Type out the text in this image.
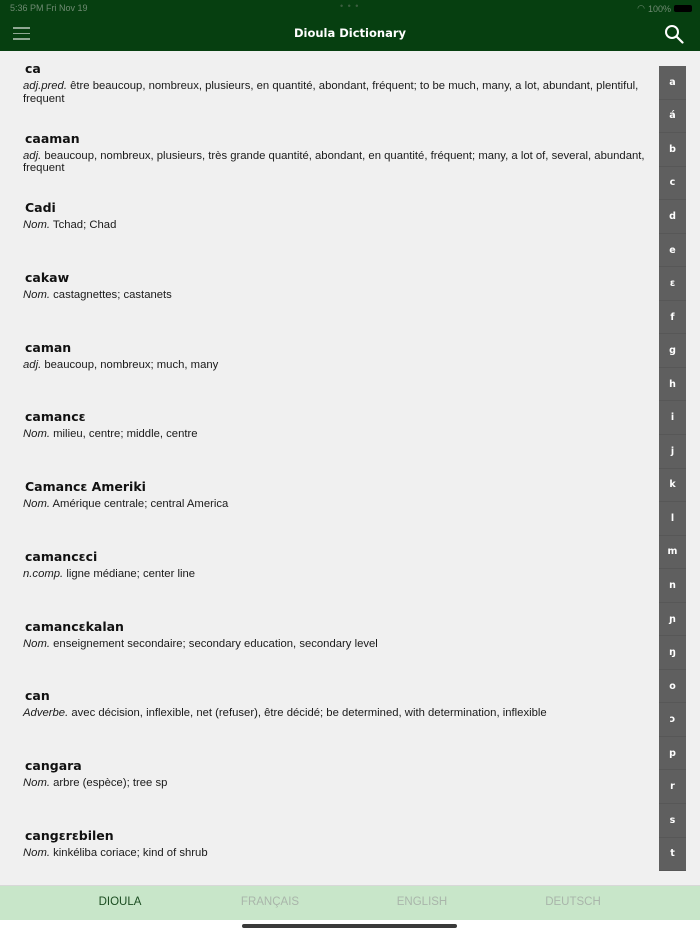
5:36 PM Fri Nov 19	• • •	◠ 100%
Dioula Dictionary
ca
adj.pred. être beaucoup, nombreux, plusieurs, en quantité, abondant, fréquent; to be much, many, a lot, abundant, plentiful, frequent
caaman
adj. beaucoup, nombreux, plusieurs, très grande quantité, abondant, en quantité, fréquent; many, a lot of, several, abundant, frequent
Cadi
Nom. Tchad; Chad
cakaw
Nom. castagnettes; castanets
caman
adj. beaucoup, nombreux; much, many
camancɛ
Nom. milieu, centre; middle, centre
Camancɛ Ameriki
Nom. Amérique centrale; central America
camancɛci
n.comp. ligne médiane; center line
camancɛkalan
Nom. enseignement secondaire; secondary education, secondary level
can
Adverbe. avec décision, inflexible, net (refuser), être décidé; be determined, with determination, inflexible
cangara
Nom. arbre (espèce); tree sp
cangɛrɛbilen
Nom. kinkéliba coriace; kind of shrub
a
á
b
c
d
e
ɛ
f
g
h
i
j
k
l
m
n
ɲ
ŋ
o
ɔ
p
r
s
t
DIOULA	FRANÇAIS	ENGLISH	DEUTSCH
